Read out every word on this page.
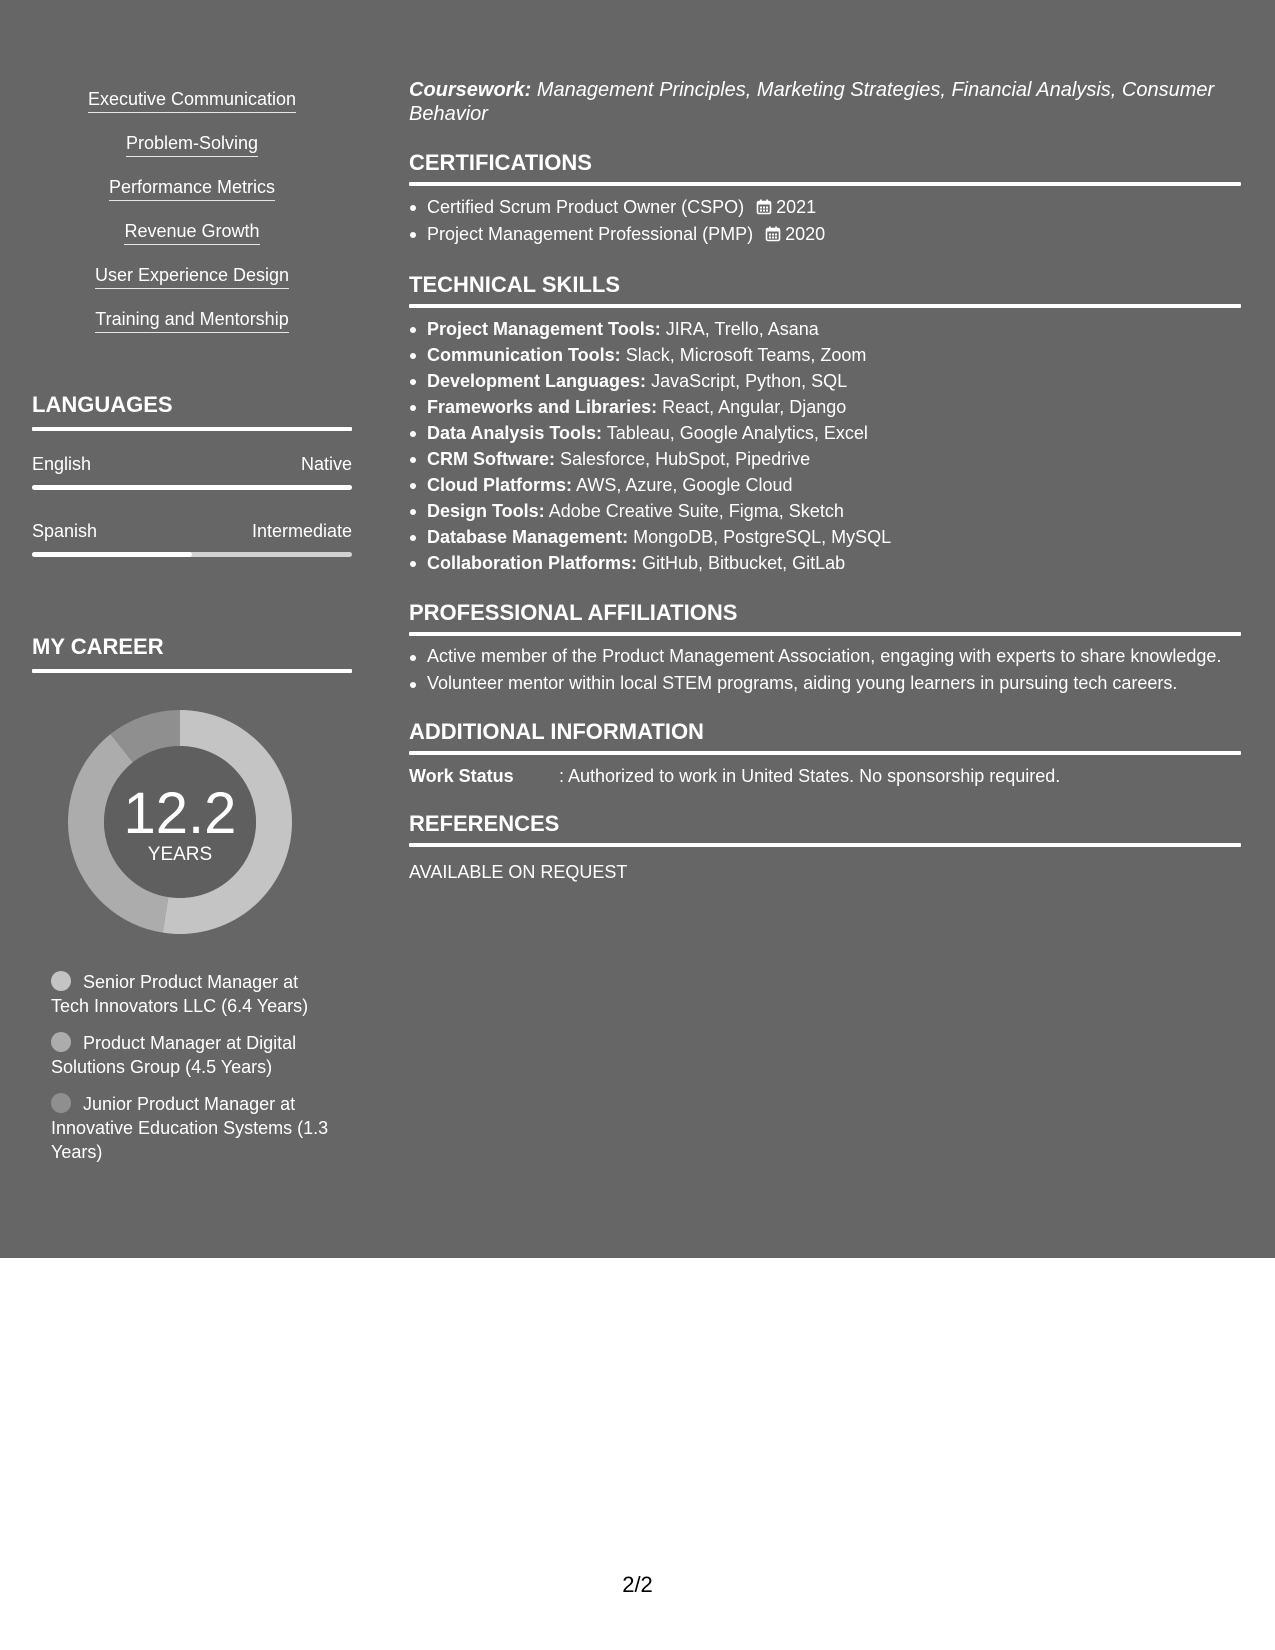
Executive Communication
Problem-Solving
Performance Metrics
Revenue Growth
User Experience Design
Training and Mentorship
LANGUAGES
English	Native
Spanish	Intermediate
MY CAREER
12.2
YEARS
Senior Product Manager at Tech Innovators LLC (6.4 Years)
Product Manager at Digital Solutions Group (4.5 Years)
Junior Product Manager at Innovative Education Systems (1.3 Years)
Coursework: Management Principles, Marketing Strategies, Financial Analysis, Consumer Behavior
CERTIFICATIONS
Certified Scrum Product Owner (CSPO) 2021
Project Management Professional (PMP) 2020
TECHNICAL SKILLS
Project Management Tools: JIRA, Trello, Asana
Communication Tools: Slack, Microsoft Teams, Zoom
Development Languages: JavaScript, Python, SQL
Frameworks and Libraries: React, Angular, Django
Data Analysis Tools: Tableau, Google Analytics, Excel
CRM Software: Salesforce, HubSpot, Pipedrive
Cloud Platforms: AWS, Azure, Google Cloud
Design Tools: Adobe Creative Suite, Figma, Sketch
Database Management: MongoDB, PostgreSQL, MySQL
Collaboration Platforms: GitHub, Bitbucket, GitLab
PROFESSIONAL AFFILIATIONS
Active member of the Product Management Association, engaging with experts to share knowledge.
Volunteer mentor within local STEM programs, aiding young learners in pursuing tech careers.
ADDITIONAL INFORMATION
Work Status	: Authorized to work in United States. No sponsorship required.
REFERENCES
AVAILABLE ON REQUEST
2/2
